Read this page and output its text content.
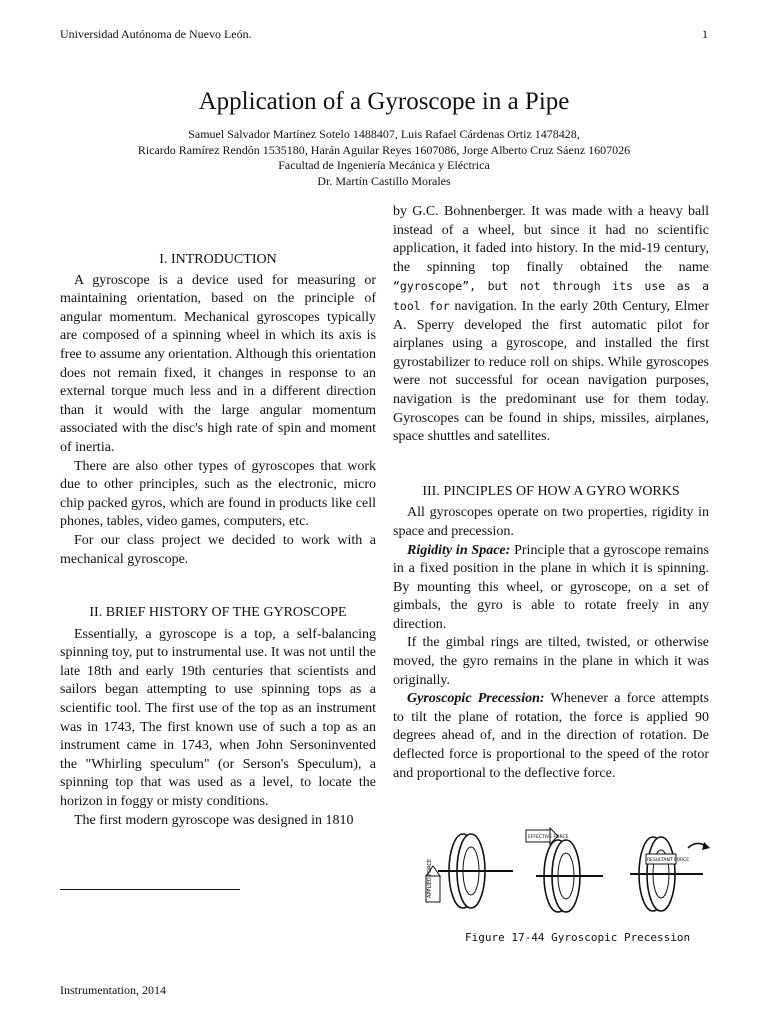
Universidad Autónoma de Nuevo León.	1
Application of a Gyroscope in a Pipe
Samuel Salvador Martínez Sotelo 1488407, Luis Rafael Cárdenas Ortiz 1478428,
Ricardo Ramírez Rendón 1535180, Harán Aguilar Reyes 1607086, Jorge Alberto Cruz Sáenz 1607026
Facultad de Ingeniería Mecánica y Eléctrica
Dr. Martín Castillo Morales
I. INTRODUCTION

A gyroscope is a device used for measuring or maintaining orientation, based on the principle of angular momentum. Mechanical gyroscopes typically are composed of a spinning wheel in which its axis is free to assume any orientation. Although this orientation does not remain fixed, it changes in response to an external torque much less and in a different direction than it would with the large angular momentum associated with the disc's high rate of spin and moment of inertia.

There are also other types of gyroscopes that work due to other principles, such as the electronic, micro chip packed gyros, which are found in products like cell phones, tables, video games, computers, etc.

For our class project we decided to work with a mechanical gyroscope.

II. BRIEF HISTORY OF THE GYROSCOPE

Essentially, a gyroscope is a top, a self-balancing spinning toy, put to instrumental use. It was not until the late 18th and early 19th centuries that scientists and sailors began attempting to use spinning tops as a scientific tool. The first use of the top as an instrument was in 1743, The first known use of such a top as an instrument came in 1743, when John Sersoninvented the "Whirling speculum" (or Serson's Speculum), a spinning top that was used as a level, to locate the horizon in foggy or misty conditions.

The first modern gyroscope was designed in 1810

by G.C. Bohnenberger. It was made with a heavy ball instead of a wheel, but since it had no scientific application, it faded into history. In the mid-19 century, the spinning top finally obtained the name “gyroscope”, but not through its use as a tool for navigation. In the early 20th Century, Elmer A. Sperry developed the first automatic pilot for airplanes using a gyroscope, and installed the first gyrostabilizer to reduce roll on ships. While gyroscopes were not successful for ocean navigation purposes, navigation is the predominant use for them today. Gyroscopes can be found in ships, missiles, airplanes, space shuttles and satellites.

III. PINCIPLES OF HOW A GYRO WORKS

All gyroscopes operate on two properties, rigidity in space and precession.

Rigidity in Space: Principle that a gyroscope remains in a fixed position in the plane in which it is spinning. By mounting this wheel, or gyroscope, on a set of gimbals, the gyro is able to rotate freely in any direction.

If the gimbal rings are tilted, twisted, or otherwise moved, the gyro remains in the plane in which it was originally.

Gyroscopic Precession: Whenever a force attempts to tilt the plane of rotation, the force is applied 90 degrees ahead of, and in the direction of rotation. De deflected force is proportional to the speed of the rotor and proportional to the deflective force.

APPLIED FORCE
EFFECTIVE FORCE
RESULTANT FORCE
Figure 17-44 Gyroscopic Precession
Instrumentation, 2014
